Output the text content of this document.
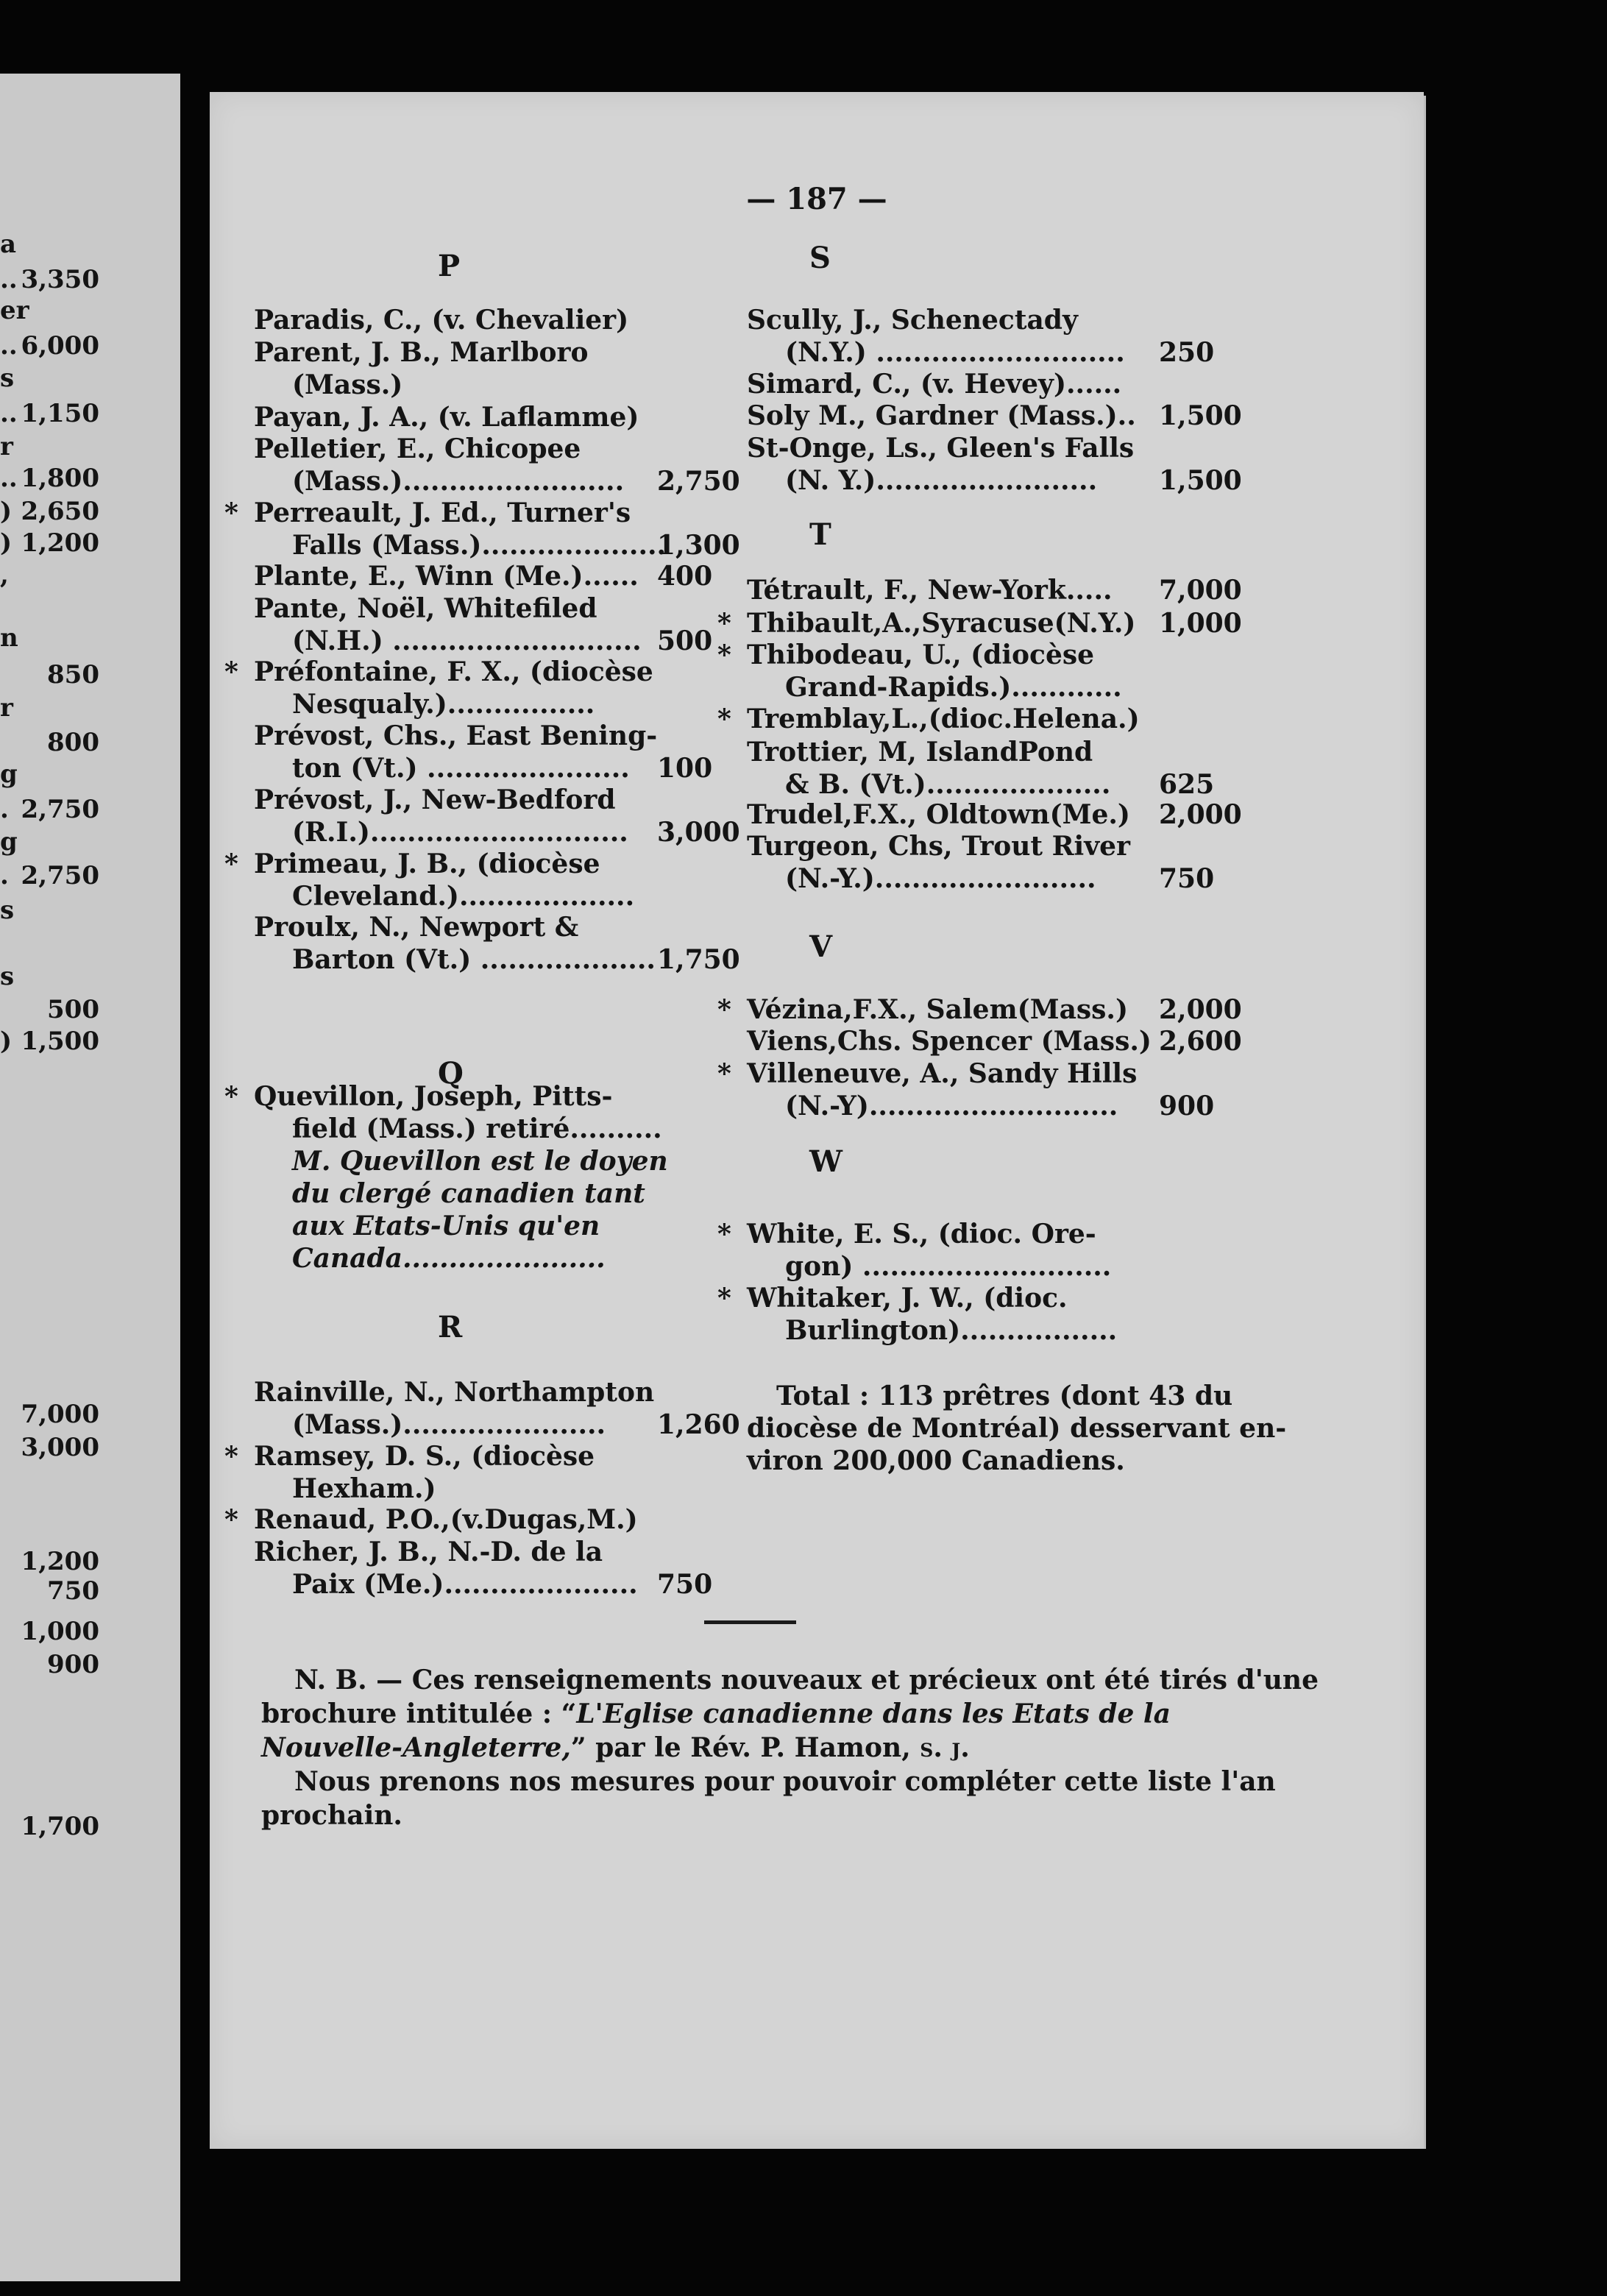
a
.. 3,350
er
.. 6,000
s
.. 1,150
r
.. 1,800
) 2,650
) 1,200
,
n
850
r
800
g
. 2,750
g
. 2,750
s
s
500
) 1,500
7,000
3,000
1,200
750
1,000
900
1,700
— 187 —
P
Q
R
Paradis, C., (v. Chevalier)
Parent, J. B., Marlboro
(Mass.)
Payan, J. A., (v. Laflamme)
Pelletier, E., Chicopee
(Mass.)........................ 2,750
Perreault, J. Ed., Turner's
*
Falls (Mass.)....................
1,300
Plante, E., Winn (Me.)...... 400
Pante, Noël, Whitefiled
(N.H.) ........................... 500
Préfontaine, F. X., (diocèse
*
Nesqualy.)................
Prévost, Chs., East Bening-
ton (Vt.) ...................... 100
Prévost, J., New-Bedford
(R.I.)............................ 3,000
Primeau, J. B., (diocèse
*
Cleveland.)...................
Proulx, N., Newport &
Barton (Vt.) ................... 1,750
Quevillon, Joseph, Pitts-
*
field (Mass.) retiré..........
M. Quevillon est le doyen
du clergé canadien tant
aux Etats-Unis qu'en
Canada......................
Rainville, N., Northampton
(Mass.)...................... 1,260
Ramsey, D. S., (diocèse
*
Hexham.)
Renaud, P.O.,(v.Dugas,M.)
*
Richer, J. B., N.-D. de la
Paix (Me.)..................... 750
S
T
V
W
Scully, J., Schenectady
(N.Y.) ........................... 250
Simard, C., (v. Hevey)......
Soly M., Gardner (Mass.).. 1,500
St-Onge, Ls., Gleen's Falls
(N. Y.)........................ 1,500
Tétrault, F., New-York..... 7,000
Thibault,A.,Syracuse(N.Y.)
*	1,000
Thibodeau, U., (diocèse
*
Grand-Rapids.)............
Tremblay,L.,(dioc.Helena.)
*
Trottier, M, IslandPond
& B. (Vt.).................... 625
Trudel,F.X., Oldtown(Me.) 2,000
Turgeon, Chs, Trout River
(N.-Y.)........................ 750
Vézina,F.X., Salem(Mass.)
*	2,000
Viens,Chs. Spencer (Mass.) 2,600
Villeneuve, A., Sandy Hills
*
(N.-Y)........................... 900
White, E. S., (dioc. Ore-
*
gon) ...........................
Whitaker, J. W., (dioc.
*
Burlington).................
Total : 113 prêtres (dont 43 du
diocèse de Montréal) desservant en-
viron 200,000 Canadiens.

N. B. — Ces renseignements nouveaux et précieux ont été tirés d'une brochure intitulée : “L'Eglise canadienne dans les Etats de la Nouvelle-Angleterre,” par le Rév. P. Hamon, s. j.

Nous prenons nos mesures pour pouvoir compléter cette liste l'an prochain.
